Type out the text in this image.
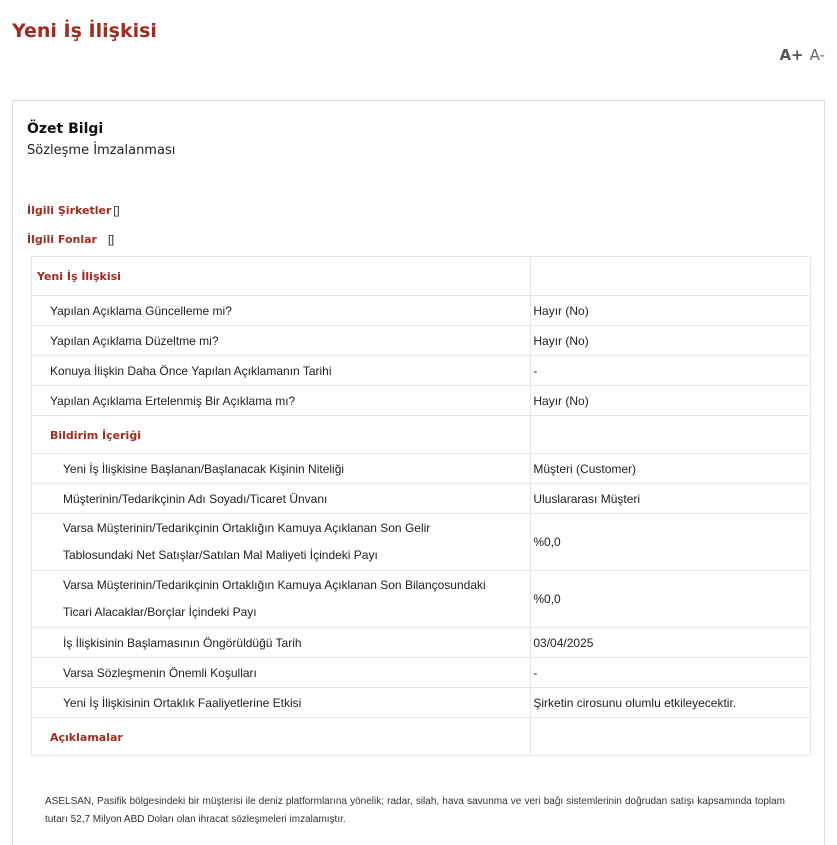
Yeni İş İlişkisi
A+ A-
Özet Bilgi
Sözleşme İmzalanması
İlgili Şirketler []
İlgili Fonlar []
Yeni İş İlişkisi	
Yapılan Açıklama Güncelleme mi?	Hayır (No)
Yapılan Açıklama Düzeltme mi?	Hayır (No)
Konuya İlişkin Daha Önce Yapılan Açıklamanın Tarihi	-
Yapılan Açıklama Ertelenmiş Bir Açıklama mı?	Hayır (No)
Bildirim İçeriği	
Yeni İş İlişkisine Başlanan/Başlanacak Kişinin Niteliği	Müşteri (Customer)
Müşterinin/Tedarikçinin Adı Soyadı/Ticaret Ünvanı	Uluslararası Müşteri

Varsa Müşterinin/Tedarikçinin Ortaklığın Kamuya Açıklanan Son Gelir
Tablosundaki Net Satışlar/Satılan Mal Maliyeti İçindeki Payı	%0,0

Varsa Müşterinin/Tedarikçinin Ortaklığın Kamuya Açıklanan Son Bilançosundaki
Ticari Alacaklar/Borçlar İçindeki Payı	%0,0
İş İlişkisinin Başlamasının Öngörüldüğü Tarih	03/04/2025
Varsa Sözleşmenin Önemli Koşulları	-
Yeni İş İlişkisinin Ortaklık Faaliyetlerine Etkisi	Şirketin cirosunu olumlu etkileyecektir.
Açıklamalar	
ASELSAN, Pasifik bölgesindeki bir müşterisi ile deniz platformlarına yönelik; radar, silah, hava savunma ve veri bağı sistemlerinin doğrudan satışı kapsamında toplam tutarı 52,7 Milyon ABD Doları olan ihracat sözleşmeleri imzalamıştır.
